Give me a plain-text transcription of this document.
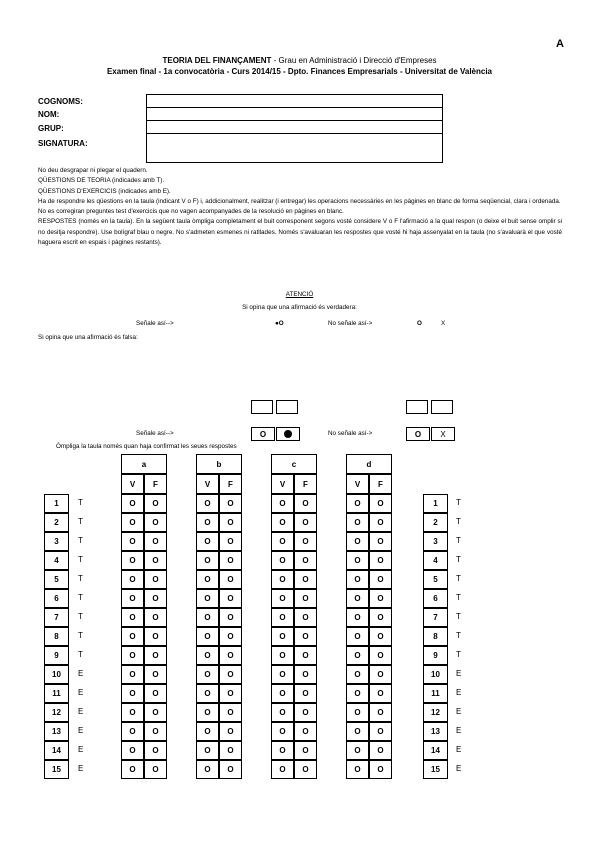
A
TEORIA DEL FINANÇAMENT - Grau en Administració i Direcció d'Empreses
Examen final - 1a convocatòria - Curs 2014/15 - Dpto. Finances Empresarials - Universitat de València
COGNOMS:
NOM:
GRUP:
SIGNATURA:

No deu desgrapar ni plegar el quadern.

QÜESTIONS DE TEORIA (indicades amb T).

QÜESTIONS D'EXERCICIS (indicades amb E).

Ha de respondre les qüestions en la taula (indicant V o F) i, addicionalment, realitzar (i entregar) les operacions necessàries en les pàgines en blanc de forma seqüencial, clara i ordenada.

No es corregiran preguntes test d'exercicis que no vagen acompanyades de la resolució en pàgines en blanc.

RESPOSTES (només en la taula). En la següent taula òmpliga completament el buit corresponent segons vosté considere V o F l'afirmació a la qual respon (o deixe el buit sense omplir si no desitja respondre). Use bolígraf blau o negre. No s'admeten esmenes ni ratllades. Només s'avaluaran les respostes que vosté hi haja assenyalat en la taula (no s'avaluarà el que vosté haguera escrit en espais i pàgines restants).

ATENCIÓ
Si opina que una afirmació és verdadera:
Señale así-->	●O	No señale así->	O	X
Si opina que una afirmació és falsa:
Señale así-->	O	No señale así->	O	X
Òmpliga la taula només quan haja confirmat les seues respostes
a
V	F
b
V	F
c
V	F
d
V	F
1	T	O	O	O	O	O	O	O	O	1	T
2	T	O	O	O	O	O	O	O	O	2	T
3	T	O	O	O	O	O	O	O	O	3	T
4	T	O	O	O	O	O	O	O	O	4	T
5	T	O	O	O	O	O	O	O	O	5	T
6	T	O	O	O	O	O	O	O	O	6	T
7	T	O	O	O	O	O	O	O	O	7	T
8	T	O	O	O	O	O	O	O	O	8	T
9	T	O	O	O	O	O	O	O	O	9	T
10	E	O	O	O	O	O	O	O	O	10	E
11	E	O	O	O	O	O	O	O	O	11	E
12	E	O	O	O	O	O	O	O	O	12	E
13	E	O	O	O	O	O	O	O	O	13	E
14	E	O	O	O	O	O	O	O	O	14	E
15	E	O	O	O	O	O	O	O	O	15	E
